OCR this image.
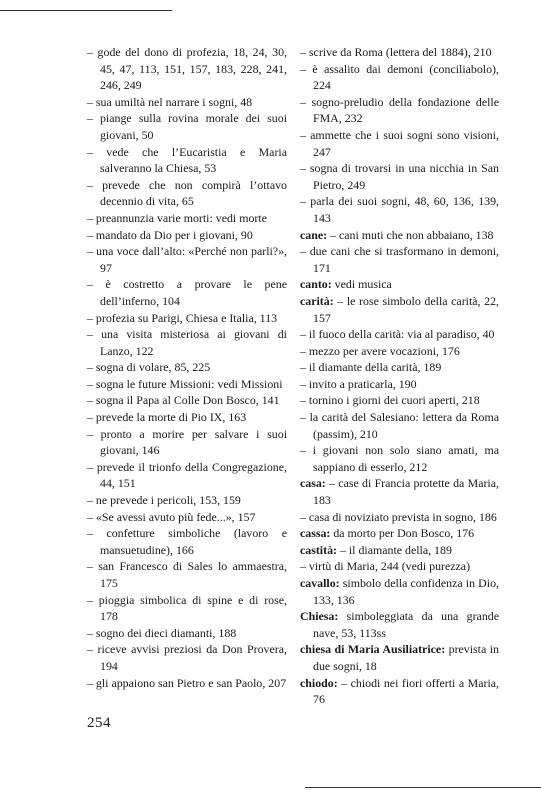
– gode del dono di profezia, 18, 24, 30, 45, 47, 113, 151, 157, 183, 228, 241, 246, 249

– sua umiltà nel narrare i sogni, 48

– piange sulla rovina morale dei suoi giovani, 50

– vede che l’Eucaristia e Maria salveranno la Chiesa, 53

– prevede che non compirà l’ottavo decennio di vita, 65

– preannunzia varie morti: vedi morte

– mandato da Dio per i giovani, 90

– una voce dall’alto: «Perché non parli?», 97

– è costretto a provare le pene dell’inferno, 104

– profezia su Parigi, Chiesa e Italia, 113

– una visita misteriosa ai giovani di Lanzo, 122

– sogna di volare, 85, 225

– sogna le future Missioni: vedi Missioni

– sogna il Papa al Colle Don Bosco, 141

– prevede la morte di Pio IX, 163

– pronto a morire per salvare i suoi giovani, 146

– prevede il trionfo della Congregazione, 44, 151

– ne prevede i pericoli, 153, 159

– «Se avessi avuto più fede...», 157

– confetture simboliche (lavoro e mansuetudine), 166

– san Francesco di Sales lo ammaestra, 175

– pioggia simbolica di spine e di rose, 178

– sogno dei dieci diamanti, 188

– riceve avvisi preziosi da Don Provera, 194

– gli appaiono san Pietro e san Paolo, 207

– scrive da Roma (lettera del 1884), 210

– è assalito dai demoni (conciliabolo), 224

– sogno-preludio della fondazione delle FMA, 232

– ammette che i suoi sogni sono visioni, 247

– sogna di trovarsi in una nicchia in San Pietro, 249

– parla dei suoi sogni, 48, 60, 136, 139, 143

cane: – cani muti che non abbaiano, 138

– due cani che si trasformano in demoni, 171

canto: vedi musica

carità: – le rose simbolo della carità, 22, 157

– il fuoco della carità: via al paradiso, 40

– mezzo per avere vocazioni, 176

– il diamante della carità, 189

– invito a praticarla, 190

– tornino i giorni dei cuori aperti, 218

– la carità del Salesiano: lettera da Roma (passim), 210

– i giovani non solo siano amati, ma sappiano di esserlo, 212

casa: – case di Francia protette da Maria, 183

– casa di noviziato prevista in sogno, 186

cassa: da morto per Don Bosco, 176

castità: – il diamante della, 189

– virtù di Maria, 244 (vedi purezza)

cavallo: simbolo della confidenza in Dio, 133, 136

Chiesa: simboleggiata da una grande nave, 53, 113ss

chiesa di Maria Ausiliatrice: prevista in due sogni, 18

chiodo: – chiodi nei fiori offerti a Maria, 76

254
